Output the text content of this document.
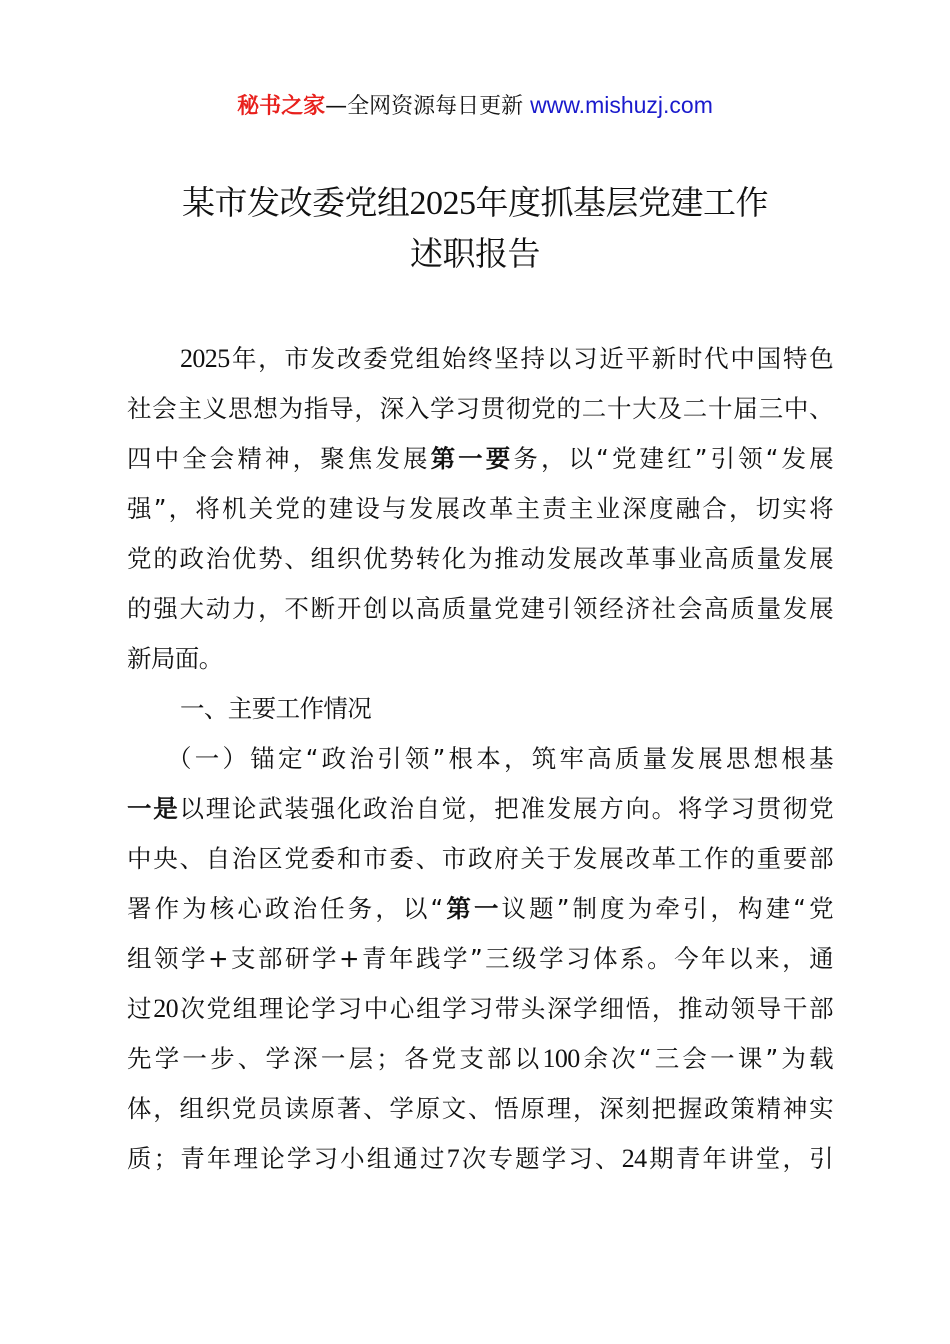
秘书之家—全网资源每日更新 www.mishuzj.com
某市发改委党组2025年度抓基层党建工作
述职报告
2025年，市发改委党组始终坚持以习近平新时代中国特色
社会主义思想为指导，深入学习贯彻党的二十大及二十届三中、
四中全会精神，聚焦发展第一要务，以“党建红”引领“发展
强”，将机关党的建设与发展改革主责主业深度融合，切实将
党的政治优势、组织优势转化为推动发展改革事业高质量发展
的强大动力，不断开创以高质量党建引领经济社会高质量发展
新局面。
一、主要工作情况
（一）锚定“政治引领”根本，筑牢高质量发展思想根基
一是以理论武装强化政治自觉，把准发展方向。将学习贯彻党
中央、自治区党委和市委、市政府关于发展改革工作的重要部
署作为核心政治任务，以“第一议题”制度为牵引，构建“党
组领学+支部研学+青年践学”三级学习体系。今年以来，通
过20次党组理论学习中心组学习带头深学细悟，推动领导干部
先学一步、学深一层；各党支部以100余次“三会一课”为载
体，组织党员读原著、学原文、悟原理，深刻把握政策精神实
质；青年理论学习小组通过7次专题学习、24期青年讲堂，引
